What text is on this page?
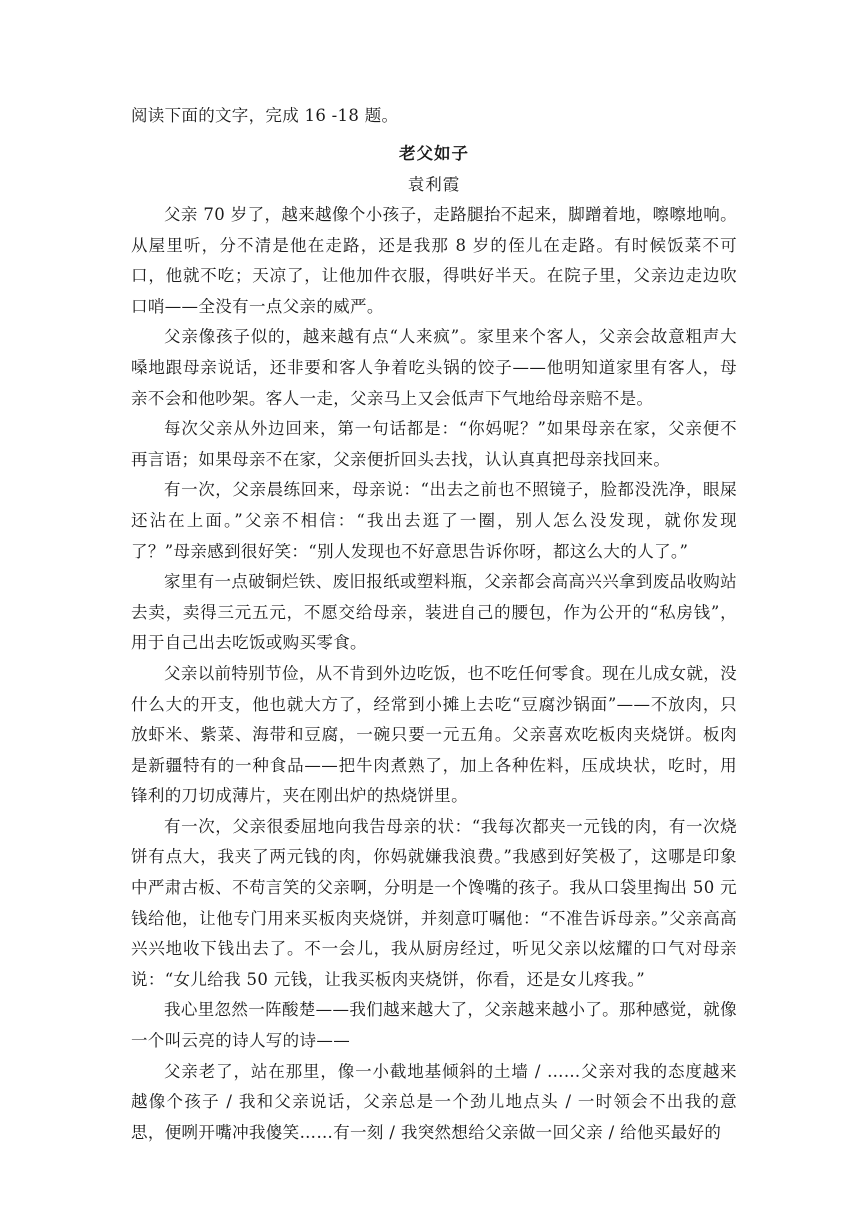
阅读下面的文字，完成 16 -18 题。

老父如子

袁利霞

父亲 70 岁了，越来越像个小孩子，走路腿抬不起来，脚蹭着地，嚓嚓地响。从屋里听，分不清是他在走路，还是我那 8 岁的侄儿在走路。有时候饭菜不可口，他就不吃；天凉了，让他加件衣服，得哄好半天。在院子里，父亲边走边吹口哨——全没有一点父亲的威严。

父亲像孩子似的，越来越有点“人来疯”。家里来个客人，父亲会故意粗声大嗓地跟母亲说话，还非要和客人争着吃头锅的饺子——他明知道家里有客人，母亲不会和他吵架。客人一走，父亲马上又会低声下气地给母亲赔不是。

每次父亲从外边回来，第一句话都是：“你妈呢？”如果母亲在家，父亲便不再言语；如果母亲不在家，父亲便折回头去找，认认真真把母亲找回来。

有一次，父亲晨练回来，母亲说：“出去之前也不照镜子，脸都没洗净，眼屎还沾在上面。”父亲不相信：“我出去逛了一圈，别人怎么没发现，就你发现了？”母亲感到很好笑：“别人发现也不好意思告诉你呀，都这么大的人了。”

家里有一点破铜烂铁、废旧报纸或塑料瓶，父亲都会高高兴兴拿到废品收购站去卖，卖得三元五元，不愿交给母亲，装进自己的腰包，作为公开的“私房钱”，用于自己出去吃饭或购买零食。

父亲以前特别节俭，从不肯到外边吃饭，也不吃任何零食。现在儿成女就，没什么大的开支，他也就大方了，经常到小摊上去吃“豆腐沙锅面”——不放肉，只放虾米、紫菜、海带和豆腐，一碗只要一元五角。父亲喜欢吃板肉夹烧饼。板肉是新疆特有的一种食品——把牛肉煮熟了，加上各种佐料，压成块状，吃时，用锋利的刀切成薄片，夹在刚出炉的热烧饼里。

有一次，父亲很委屈地向我告母亲的状：“我每次都夹一元钱的肉，有一次烧饼有点大，我夹了两元钱的肉，你妈就嫌我浪费。”我感到好笑极了，这哪是印象中严肃古板、不苟言笑的父亲啊，分明是一个馋嘴的孩子。我从口袋里掏出 50 元钱给他，让他专门用来买板肉夹烧饼，并刻意叮嘱他：“不准告诉母亲。”父亲高高兴兴地收下钱出去了。不一会儿，我从厨房经过，听见父亲以炫耀的口气对母亲说：“女儿给我 50 元钱，让我买板肉夹烧饼，你看，还是女儿疼我。”

我心里忽然一阵酸楚——我们越来越大了，父亲越来越小了。那种感觉，就像一个叫云亮的诗人写的诗——

父亲老了，站在那里，像一小截地基倾斜的土墙 / ……父亲对我的态度越来越像个孩子 / 我和父亲说话，父亲总是一个劲儿地点头 / 一时领会不出我的意思，便咧开嘴冲我傻笑……有一刻 / 我突然想给父亲做一回父亲 / 给他买最好的
